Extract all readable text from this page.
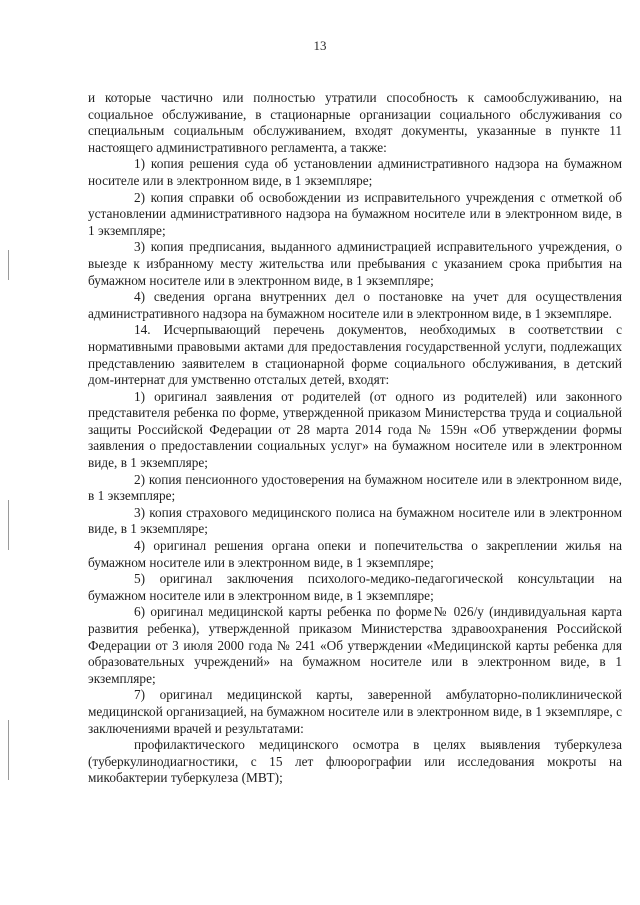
13

и которые частично или полностью утратили способность к самообслуживанию, на социальное обслуживание, в стационарные организации социального обслуживания со специальным социальным обслуживанием, входят документы, указанные в пункте 11 настоящего административного регламента, а также:

1) копия решения суда об установлении административного надзора на бумажном носителе или в электронном виде, в 1 экземпляре;

2) копия справки об освобождении из исправительного учреждения с отметкой об установлении административного надзора на бумажном носителе или в электронном виде, в 1 экземпляре;

3) копия предписания, выданного администрацией исправительного учреждения, о выезде к избранному месту жительства или пребывания с указанием срока прибытия на бумажном носителе или в электронном виде, в 1 экземпляре;

4) сведения органа внутренних дел о постановке на учет для осуществления административного надзора на бумажном носителе или в электронном виде, в 1 экземпляре.

14. Исчерпывающий перечень документов, необходимых в соответствии с нормативными правовыми актами для предоставления государственной услуги, подлежащих представлению заявителем в стационарной форме социального обслуживания, в детский дом-интернат для умственно отсталых детей, входят:

1) оригинал заявления от родителей (от одного из родителей) или законного представителя ребенка по форме, утвержденной приказом Министерства труда и социальной защиты Российской Федерации от 28 марта 2014 года № 159н «Об утверждении формы заявления о предоставлении социальных услуг» на бумажном носителе или в электронном виде, в 1 экземпляре;

2) копия пенсионного удостоверения на бумажном носителе или в электронном виде, в 1 экземпляре;

3) копия страхового медицинского полиса на бумажном носителе или в электронном виде, в 1 экземпляре;

4) оригинал решения органа опеки и попечительства о закреплении жилья на бумажном носителе или в электронном виде, в 1 экземпляре;

5) оригинал заключения психолого-медико-педагогической консультации на бумажном носителе или в электронном виде, в 1 экземпляре;

6) оригинал медицинской карты ребенка по форме№ 026/у (индивидуальная карта развития ребенка), утвержденной приказом Министерства здравоохранения Российской Федерации от 3 июля 2000 года № 241 «Об утверждении «Медицинской карты ребенка для образовательных учреждений» на бумажном носителе или в электронном виде, в 1 экземпляре;

7) оригинал медицинской карты, заверенной амбулаторно-поликлинической медицинской организацией, на бумажном носителе или в электронном виде, в 1 экземпляре, с заключениями врачей и результатами:

профилактического медицинского осмотра в целях выявления туберкулеза (туберкулинодиагностики, с 15 лет флюорографии или исследования мокроты на микобактерии туберкулеза (МВТ);
